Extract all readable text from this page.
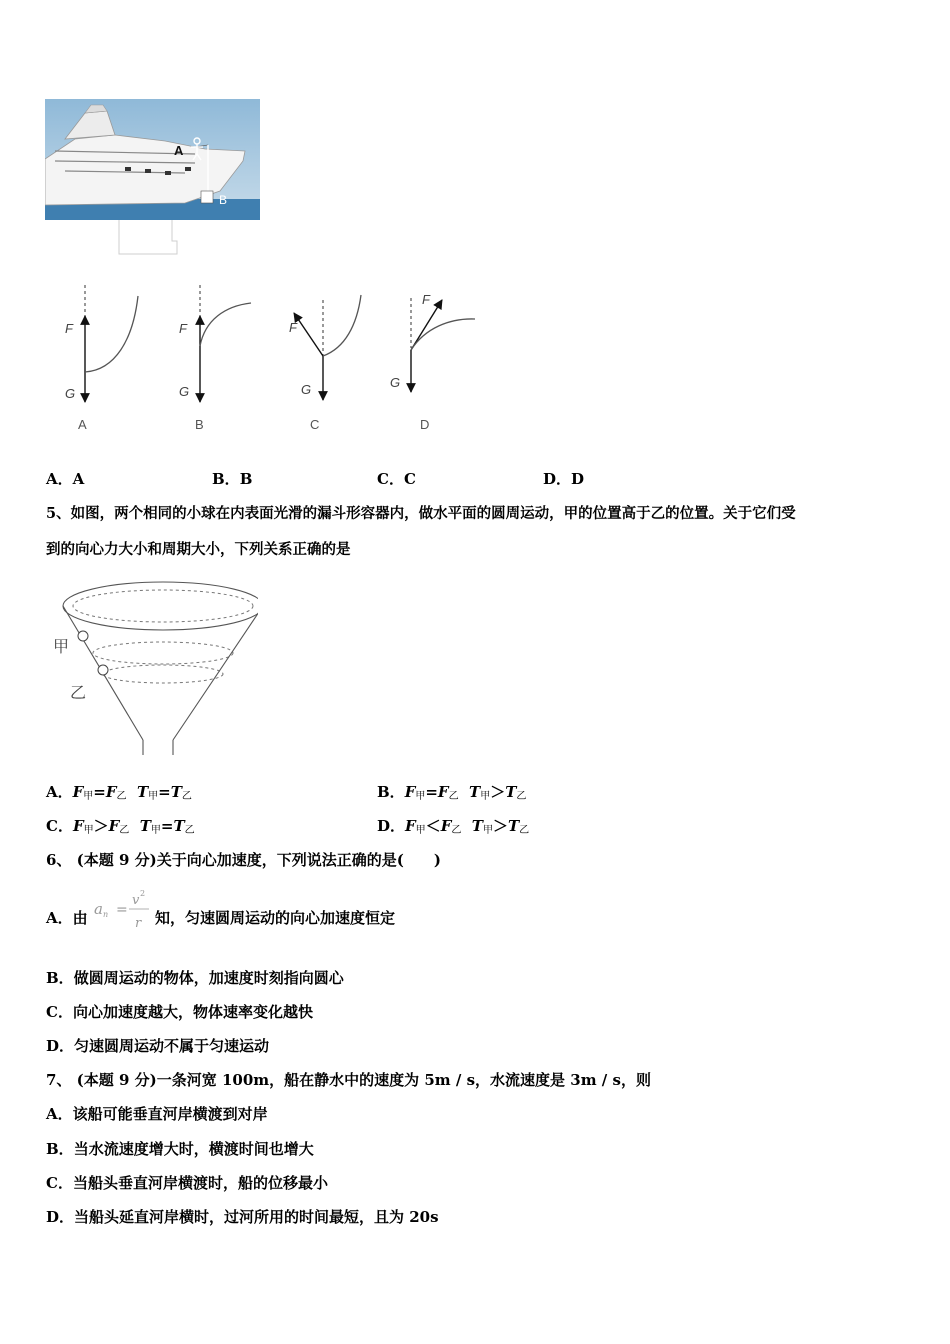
A
B
F
G
A
F
G
B
F
G
C
F
G
D
A．A	B．B	C．C	D．D
5、如图，两个相同的小球在内表面光滑的漏斗形容器内，做水平面的圆周运动，甲的位置高于乙的位置。关于它们受
到的向心力大小和周期大小，下列关系正确的是
甲
乙
A．$F_甲=F_乙$ $T_甲=T_乙$	B．$F_甲=F_乙$ $T_甲>T_乙$
C．$F_甲>F_乙$ $T_甲=T_乙$	D．$F_甲<F_乙$ $T_甲>T_乙$
6、 (本题 9 分)关于向心加速度，下列说法正确的是(　　)
A．由 a n =
v 2
r 知，匀速圆周运动的向心加速度恒定
B．做圆周运动的物体，加速度时刻指向圆心
C．向心加速度越大，物体速率变化越快
D．匀速圆周运动不属于匀速运动
7、 (本题 9 分)一条河宽 100m，船在静水中的速度为 5m / s，水流速度是 3m / s，则
A．该船可能垂直河岸横渡到对岸
B．当水流速度增大时，横渡时间也增大
C．当船头垂直河岸横渡时，船的位移最小
D．当船头延直河岸横时，过河所用的时间最短，且为 20s
